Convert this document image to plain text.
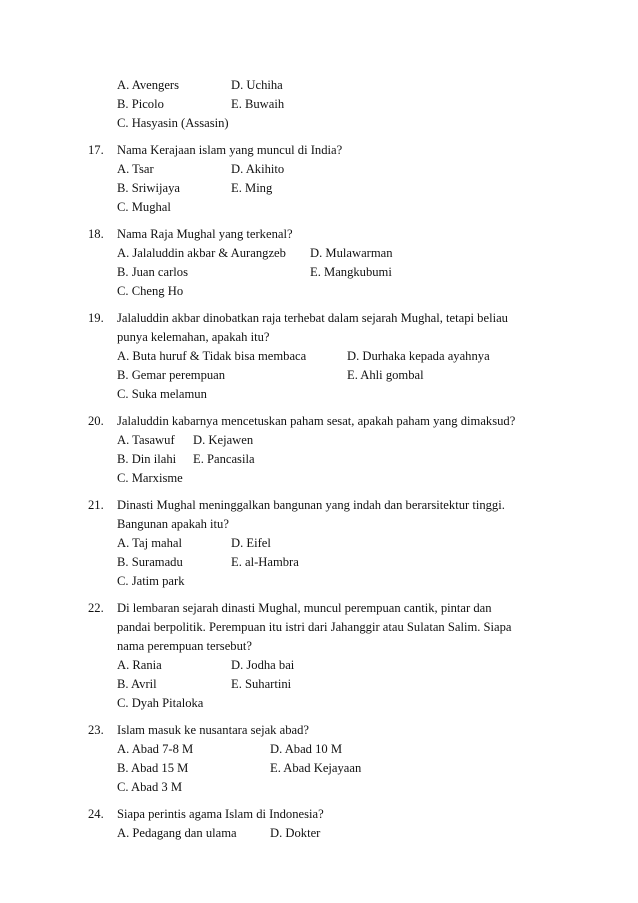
A. Avengers	D. Uchiha
B. Picolo	E. Buwaih
C. Hasyasin (Assasin)
17. Nama Kerajaan islam yang muncul di India?
A. Tsar	D. Akihito
B. Sriwijaya	E. Ming
C. Mughal
18. Nama Raja Mughal yang terkenal?
A. Jalaluddin akbar & Aurangzeb D. Mulawarman
B. Juan carlos	E. Mangkubumi
C. Cheng Ho
19. Jalaluddin akbar dinobatkan raja terhebat dalam sejarah Mughal, tetapi beliau
punya kelemahan, apakah itu?
A. Buta huruf & Tidak bisa membaca	D. Durhaka kepada ayahnya
B. Gemar perempuan	E. Ahli gombal
C. Suka melamun
20. Jalaluddin kabarnya mencetuskan paham sesat, apakah paham yang dimaksud?
A. Tasawuf D. Kejawen
B. Din ilahi E. Pancasila
C. Marxisme
21. Dinasti Mughal meninggalkan bangunan yang indah dan berarsitektur tinggi.
Bangunan apakah itu?
A. Taj mahal	D. Eifel
B. Suramadu	E. al-Hambra
C. Jatim park
22. Di lembaran sejarah dinasti Mughal, muncul perempuan cantik, pintar dan
pandai berpolitik. Perempuan itu istri dari Jahanggir atau Sulatan Salim. Siapa
nama perempuan tersebut?
A. Rania	D. Jodha bai
B. Avril	E. Suhartini
C. Dyah Pitaloka
23. Islam masuk ke nusantara sejak abad?
A. Abad 7-8 M	D. Abad 10 M
B. Abad 15 M	E. Abad Kejayaan
C. Abad 3 M
24. Siapa perintis agama Islam di Indonesia?
A. Pedagang dan ulama	D. Dokter
